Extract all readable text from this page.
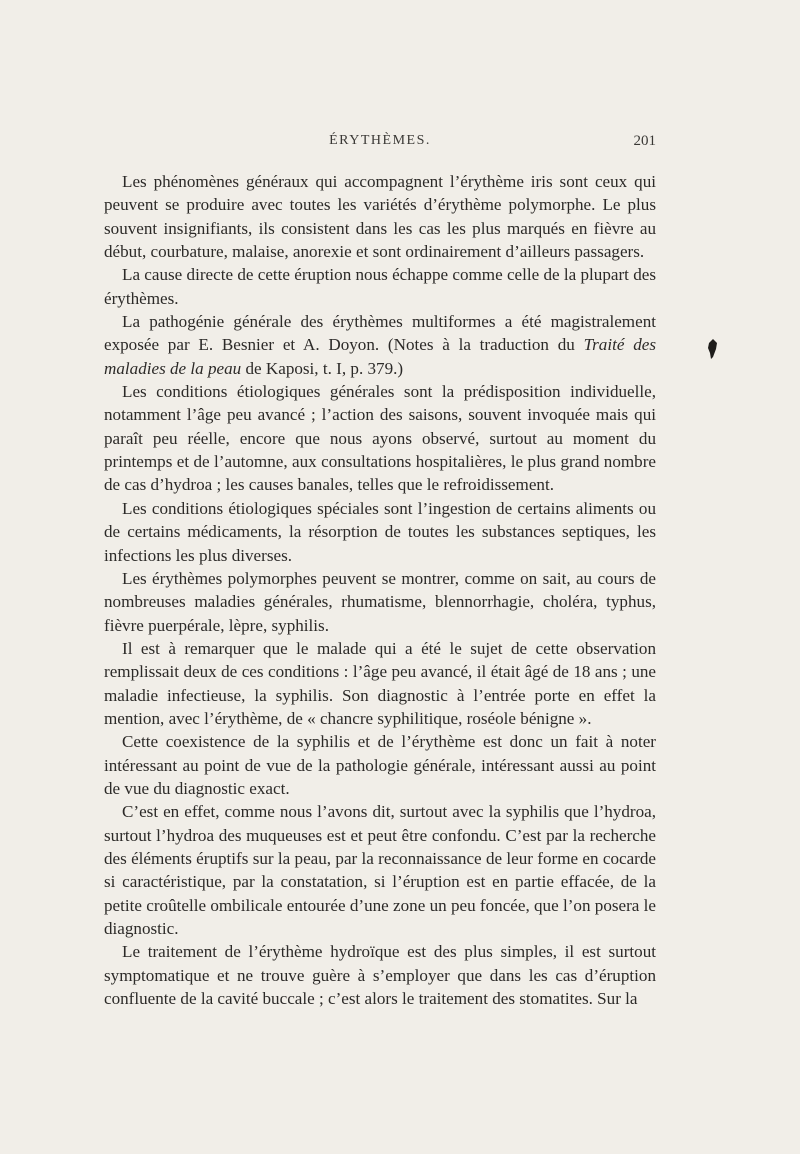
ÉRYTHÈMES.	201

Les phénomènes généraux qui accompagnent l’érythème iris sont ceux qui peuvent se produire avec toutes les variétés d’érythème polymorphe. Le plus souvent insignifiants, ils consistent dans les cas les plus marqués en fièvre au début, courbature, malaise, anorexie et sont ordinairement d’ailleurs passagers.

La cause directe de cette éruption nous échappe comme celle de la plupart des érythèmes.

La pathogénie générale des érythèmes multiformes a été magistralement exposée par E. Besnier et A. Doyon. (Notes à la traduction du Traité des maladies de la peau de Kaposi, t. I, p. 379.)

Les conditions étiologiques générales sont la prédisposition individuelle, notamment l’âge peu avancé ; l’action des saisons, souvent invoquée mais qui paraît peu réelle, encore que nous ayons observé, surtout au moment du printemps et de l’automne, aux consultations hospitalières, le plus grand nombre de cas d’hydroa ; les causes banales, telles que le refroidissement.

Les conditions étiologiques spéciales sont l’ingestion de certains aliments ou de certains médicaments, la résorption de toutes les substances septiques, les infections les plus diverses.

Les érythèmes polymorphes peuvent se montrer, comme on sait, au cours de nombreuses maladies générales, rhumatisme, blennorrhagie, choléra, typhus, fièvre puerpérale, lèpre, syphilis.

Il est à remarquer que le malade qui a été le sujet de cette observation remplissait deux de ces conditions : l’âge peu avancé, il était âgé de 18 ans ; une maladie infectieuse, la syphilis. Son diagnostic à l’entrée porte en effet la mention, avec l’érythème, de « chancre syphilitique, roséole bénigne ».

Cette coexistence de la syphilis et de l’érythème est donc un fait à noter intéressant au point de vue de la pathologie générale, intéressant aussi au point de vue du diagnostic exact.

C’est en effet, comme nous l’avons dit, surtout avec la syphilis que l’hydroa, surtout l’hydroa des muqueuses est et peut être confondu. C’est par la recherche des éléments éruptifs sur la peau, par la reconnaissance de leur forme en cocarde si caractéristique, par la constatation, si l’éruption est en partie effacée, de la petite croûtelle ombilicale entourée d’une zone un peu foncée, que l’on posera le diagnostic.

Le traitement de l’érythème hydroïque est des plus simples, il est surtout symptomatique et ne trouve guère à s’employer que dans les cas d’éruption confluente de la cavité buccale ; c’est alors le traitement des stomatites. Sur la
